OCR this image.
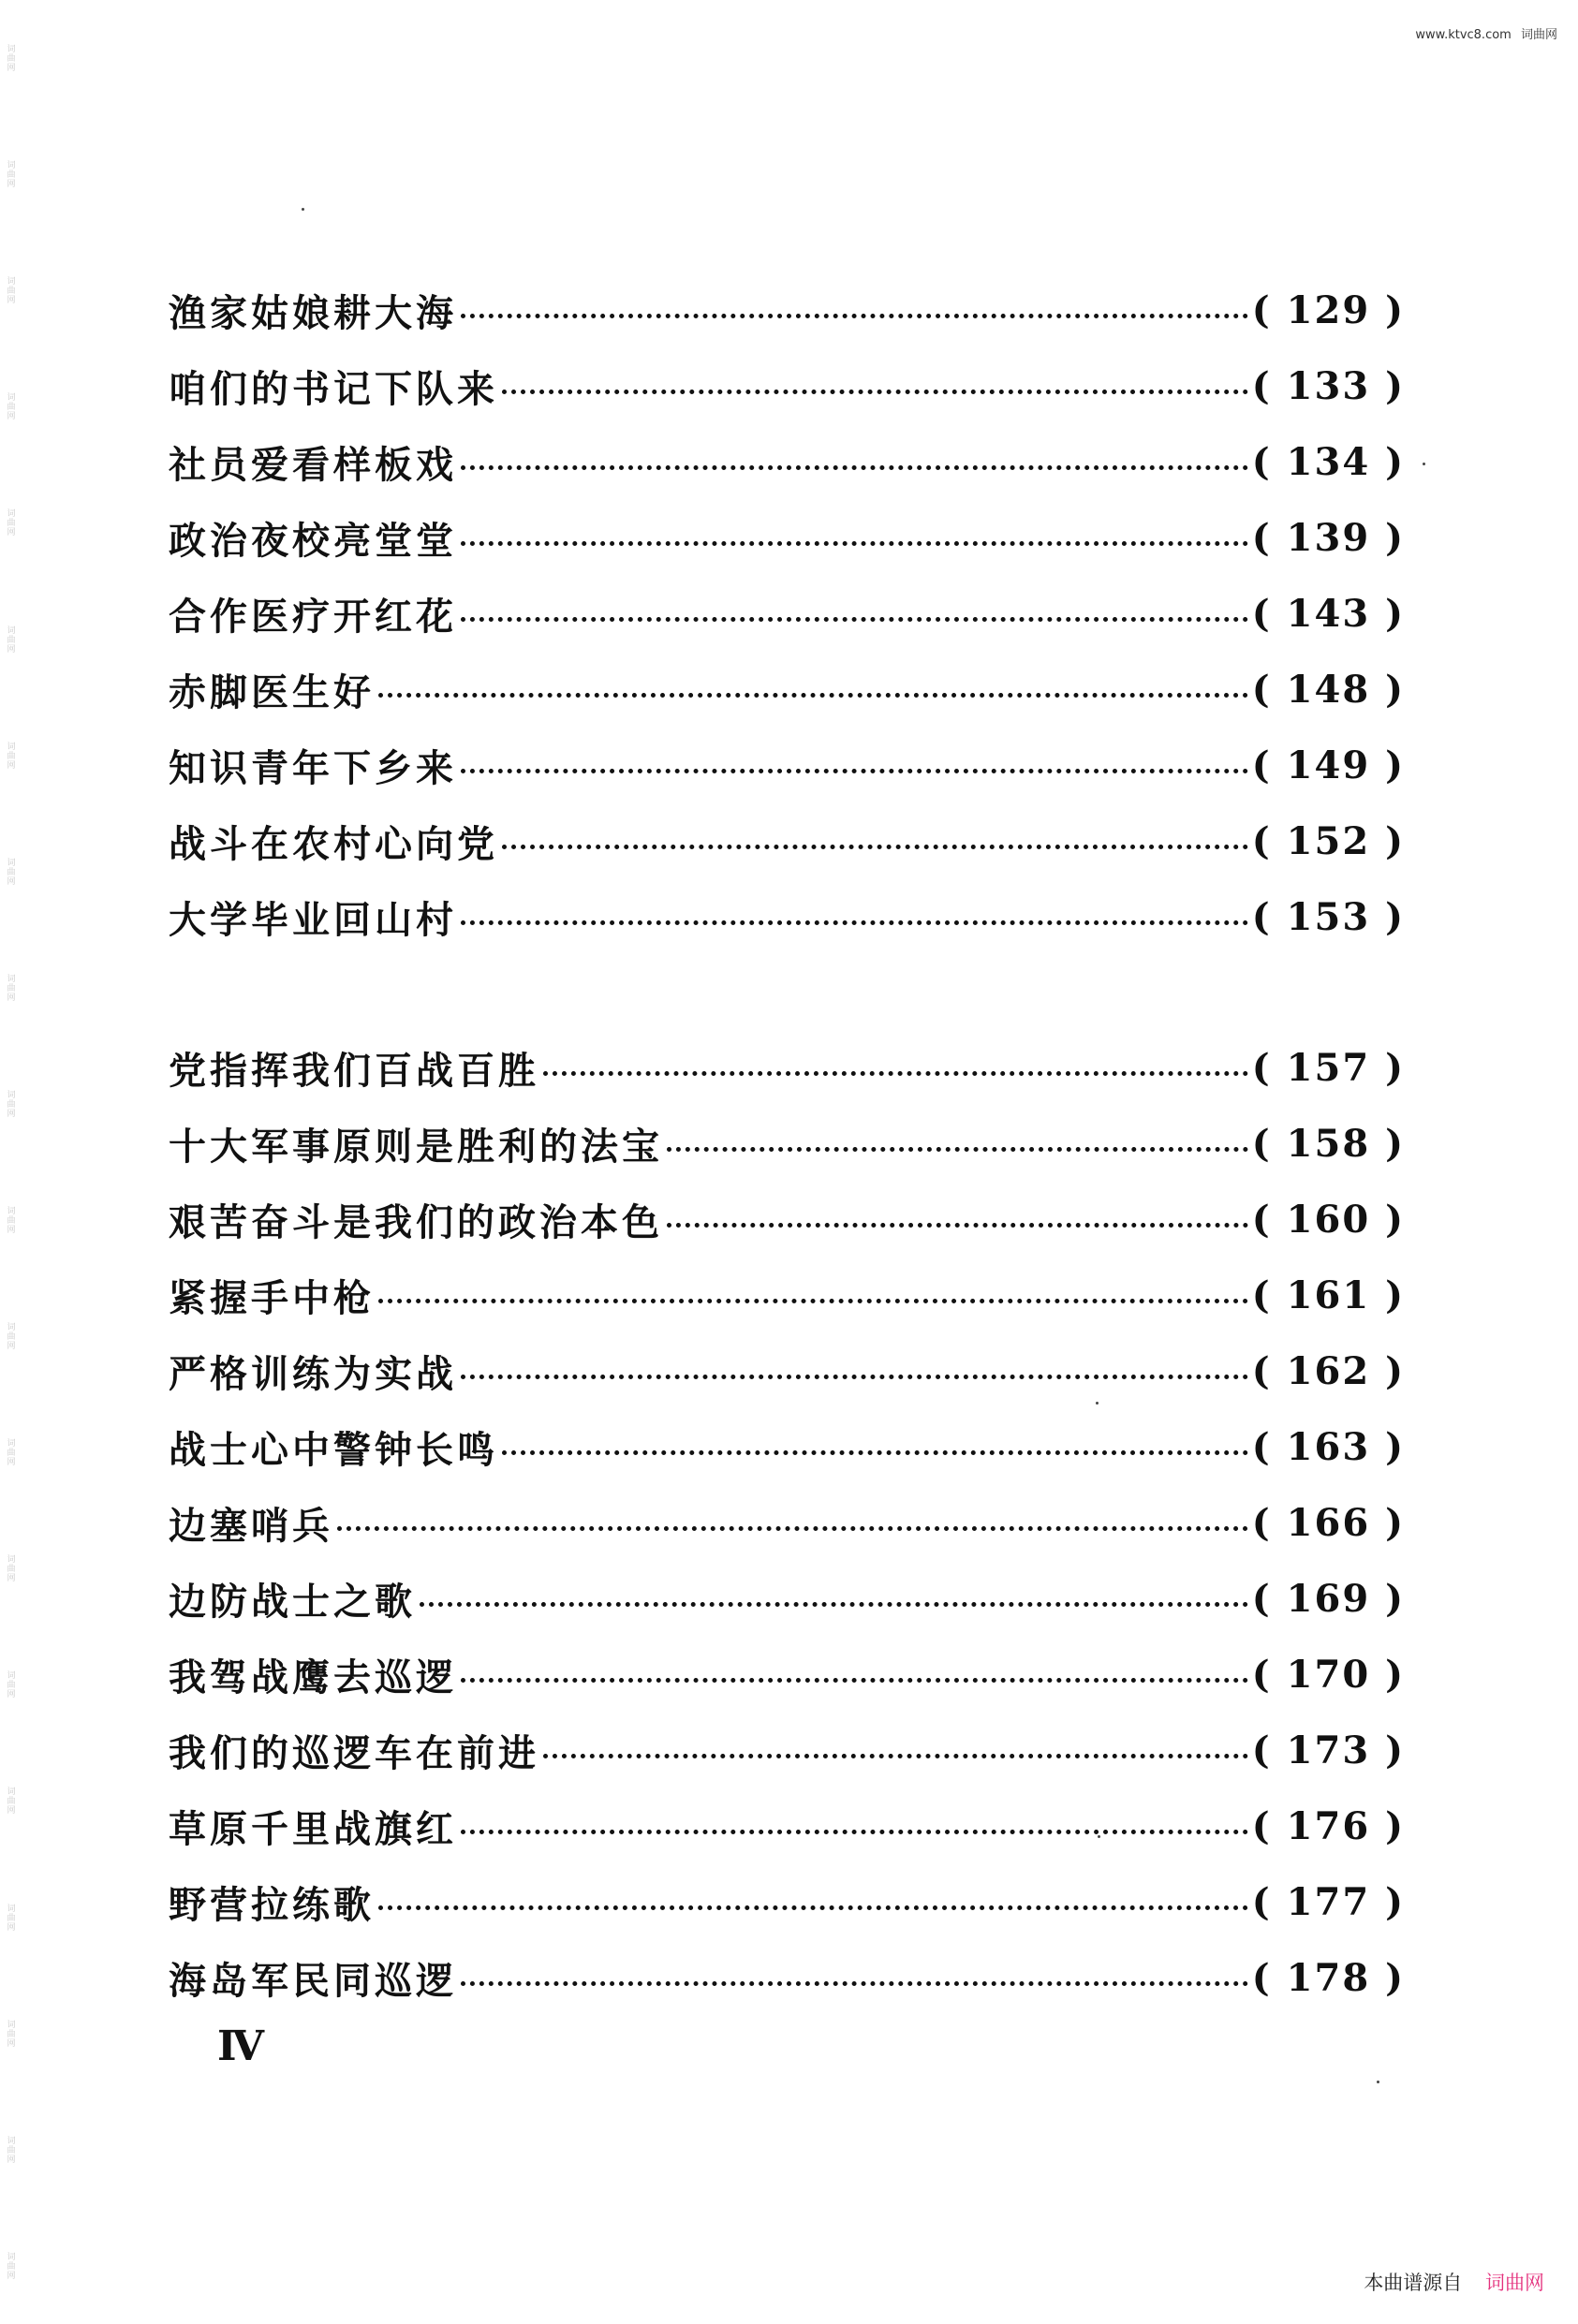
词曲网
词曲网
词曲网
词曲网
词曲网
词曲网
词曲网
词曲网
词曲网
词曲网
词曲网
词曲网
词曲网
词曲网
词曲网
词曲网
词曲网
词曲网
词曲网
词曲网
www.ktvc8.com 词曲网
渔家姑娘耕大海	( 129 )
咱们的书记下队来	( 133 )
社员爱看样板戏	( 134 )
政治夜校亮堂堂	( 139 )
合作医疗开红花	( 143 )
赤脚医生好	( 148 )
知识青年下乡来	( 149 )
战斗在农村心向党	( 152 )
大学毕业回山村	( 153 )
党指挥我们百战百胜	( 157 )
十大军事原则是胜利的法宝	( 158 )
艰苦奋斗是我们的政治本色	( 160 )
紧握手中枪	( 161 )
严格训练为实战	( 162 )
战士心中警钟长鸣	( 163 )
边塞哨兵	( 166 )
边防战士之歌	( 169 )
我驾战鹰去巡逻	( 170 )
我们的巡逻车在前进	( 173 )
草原千里战旗红	( 176 )
野营拉练歌	( 177 )
海岛军民同巡逻	( 178 )
Ⅳ
本曲谱源自 词曲网
